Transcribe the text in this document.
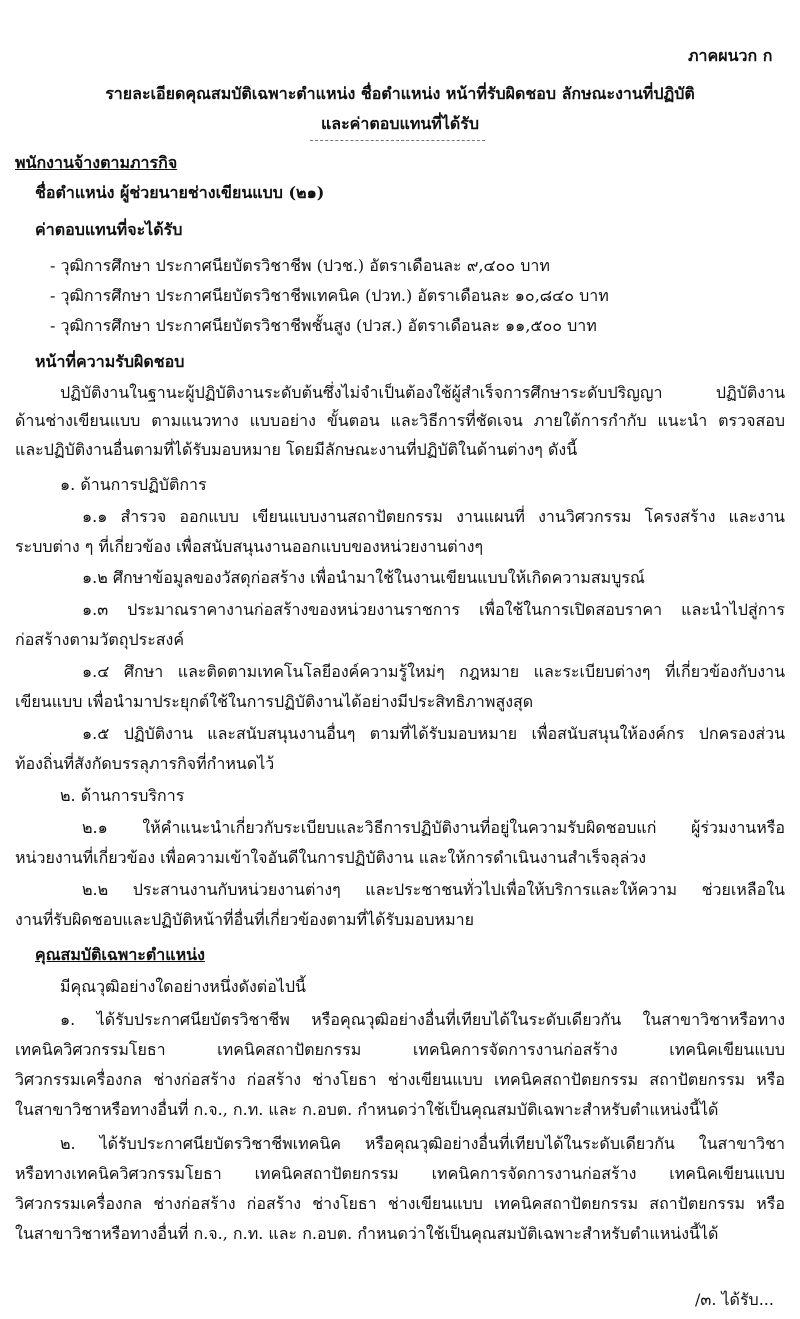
ภาคผนวก ก
รายละเอียดคุณสมบัติเฉพาะตำแหน่ง ชื่อตำแหน่ง หน้าที่รับผิดชอบ ลักษณะงานที่ปฏิบัติ
และค่าตอบแทนที่ได้รับ
พนักงานจ้างตามภารกิจ
ชื่อตำแหน่ง ผู้ช่วยนายช่างเขียนแบบ (๒๑)
ค่าตอบแทนที่จะได้รับ
- วุฒิการศึกษา ประกาศนียบัตรวิชาชีพ (ปวช.) อัตราเดือนละ ๙,๔๐๐ บาท
- วุฒิการศึกษา ประกาศนียบัตรวิชาชีพเทคนิค (ปวท.) อัตราเดือนละ ๑๐,๘๔๐ บาท
- วุฒิการศึกษา ประกาศนียบัตรวิชาชีพชั้นสูง (ปวส.) อัตราเดือนละ ๑๑,๕๐๐ บาท
หน้าที่ความรับผิดชอบ
ปฏิบัติงานในฐานะผู้ปฏิบัติงานระดับต้นซึ่งไม่จำเป็นต้องใช้ผู้สำเร็จการศึกษาระดับปริญญา ปฏิบัติงาน
ด้านช่างเขียนแบบ ตามแนวทาง แบบอย่าง ขั้นตอน และวิธีการที่ชัดเจน ภายใต้การกำกับ แนะนำ ตรวจสอบ
และปฏิบัติงานอื่นตามที่ได้รับมอบหมาย โดยมีลักษณะงานที่ปฏิบัติในด้านต่างๆ ดังนี้
๑. ด้านการปฏิบัติการ
๑.๑ สำรวจ ออกแบบ เขียนแบบงานสถาปัตยกรรม งานแผนที่ งานวิศวกรรม โครงสร้าง และงาน
ระบบต่าง ๆ ที่เกี่ยวข้อง เพื่อสนับสนุนงานออกแบบของหน่วยงานต่างๆ
๑.๒ ศึกษาข้อมูลของวัสดุก่อสร้าง เพื่อนำมาใช้ในงานเขียนแบบให้เกิดความสมบูรณ์
๑.๓ ประมาณราคางานก่อสร้างของหน่วยงานราชการ เพื่อใช้ในการเปิดสอบราคา และนำไปสู่การ
ก่อสร้างตามวัตถุประสงค์
๑.๔ ศึกษา และติดตามเทคโนโลยีองค์ความรู้ใหม่ๆ กฎหมาย และระเบียบต่างๆ ที่เกี่ยวข้องกับงาน
เขียนแบบ เพื่อนำมาประยุกต์ใช้ในการปฏิบัติงานได้อย่างมีประสิทธิภาพสูงสุด
๑.๕ ปฏิบัติงาน และสนับสนุนงานอื่นๆ ตามที่ได้รับมอบหมาย เพื่อสนับสนุนให้องค์กร ปกครองส่วน
ท้องถิ่นที่สังกัดบรรลุภารกิจที่กำหนดไว้
๒. ด้านการบริการ
๒.๑ ให้คำแนะนำเกี่ยวกับระเบียบและวิธีการปฏิบัติงานที่อยู่ในความรับผิดชอบแก่ ผู้ร่วมงานหรือ
หน่วยงานที่เกี่ยวข้อง เพื่อความเข้าใจอันดีในการปฏิบัติงาน และให้การดำเนินงานสำเร็จลุล่วง
๒.๒ ประสานงานกับหน่วยงานต่างๆ และประชาชนทั่วไปเพื่อให้บริการและให้ความ ช่วยเหลือใน
งานที่รับผิดชอบและปฏิบัติหน้าที่อื่นที่เกี่ยวข้องตามที่ได้รับมอบหมาย
คุณสมบัติเฉพาะตำแหน่ง
มีคุณวุฒิอย่างใดอย่างหนึ่งดังต่อไปนี้
๑. ได้รับประกาศนียบัตรวิชาชีพ หรือคุณวุฒิอย่างอื่นที่เทียบได้ในระดับเดียวกัน ในสาขาวิชาหรือทาง
เทคนิควิศวกรรมโยธา เทคนิคสถาปัตยกรรม เทคนิคการจัดการงานก่อสร้าง เทคนิคเขียนแบบ
วิศวกรรมเครื่องกล ช่างก่อสร้าง ก่อสร้าง ช่างโยธา ช่างเขียนแบบ เทคนิคสถาปัตยกรรม สถาปัตยกรรม หรือ
ในสาขาวิชาหรือทางอื่นที่ ก.จ., ก.ท. และ ก.อบต. กำหนดว่าใช้เป็นคุณสมบัติเฉพาะสำหรับตำแหน่งนี้ได้
๒. ได้รับประกาศนียบัตรวิชาชีพเทคนิค หรือคุณวุฒิอย่างอื่นที่เทียบได้ในระดับเดียวกัน ในสาขาวิชา
หรือทางเทคนิควิศวกรรมโยธา เทคนิคสถาปัตยกรรม เทคนิคการจัดการงานก่อสร้าง เทคนิคเขียนแบบ
วิศวกรรมเครื่องกล ช่างก่อสร้าง ก่อสร้าง ช่างโยธา ช่างเขียนแบบ เทคนิคสถาปัตยกรรม สถาปัตยกรรม หรือ
ในสาขาวิชาหรือทางอื่นที่ ก.จ., ก.ท. และ ก.อบต. กำหนดว่าใช้เป็นคุณสมบัติเฉพาะสำหรับตำแหน่งนี้ได้
/๓. ได้รับ...
